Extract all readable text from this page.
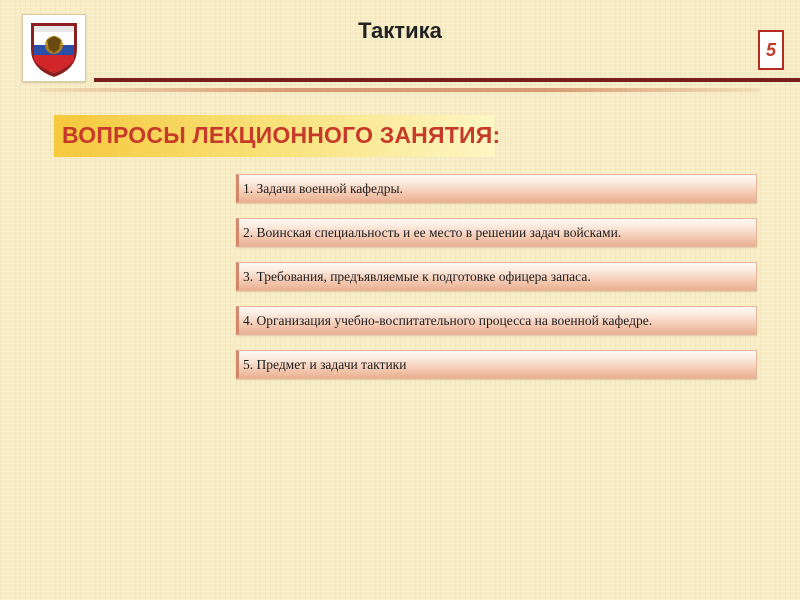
Тактика
5
ВОПРОСЫ ЛЕКЦИОННОГО ЗАНЯТИЯ:
1. Задачи военной кафедры.
2. Воинская специальность и ее место в решении задач войсками.
3. Требования, предъявляемые к подготовке офицера запаса.
4. Организация учебно-воспитательного процесса на военной кафедре.
5. Предмет и задачи тактики
